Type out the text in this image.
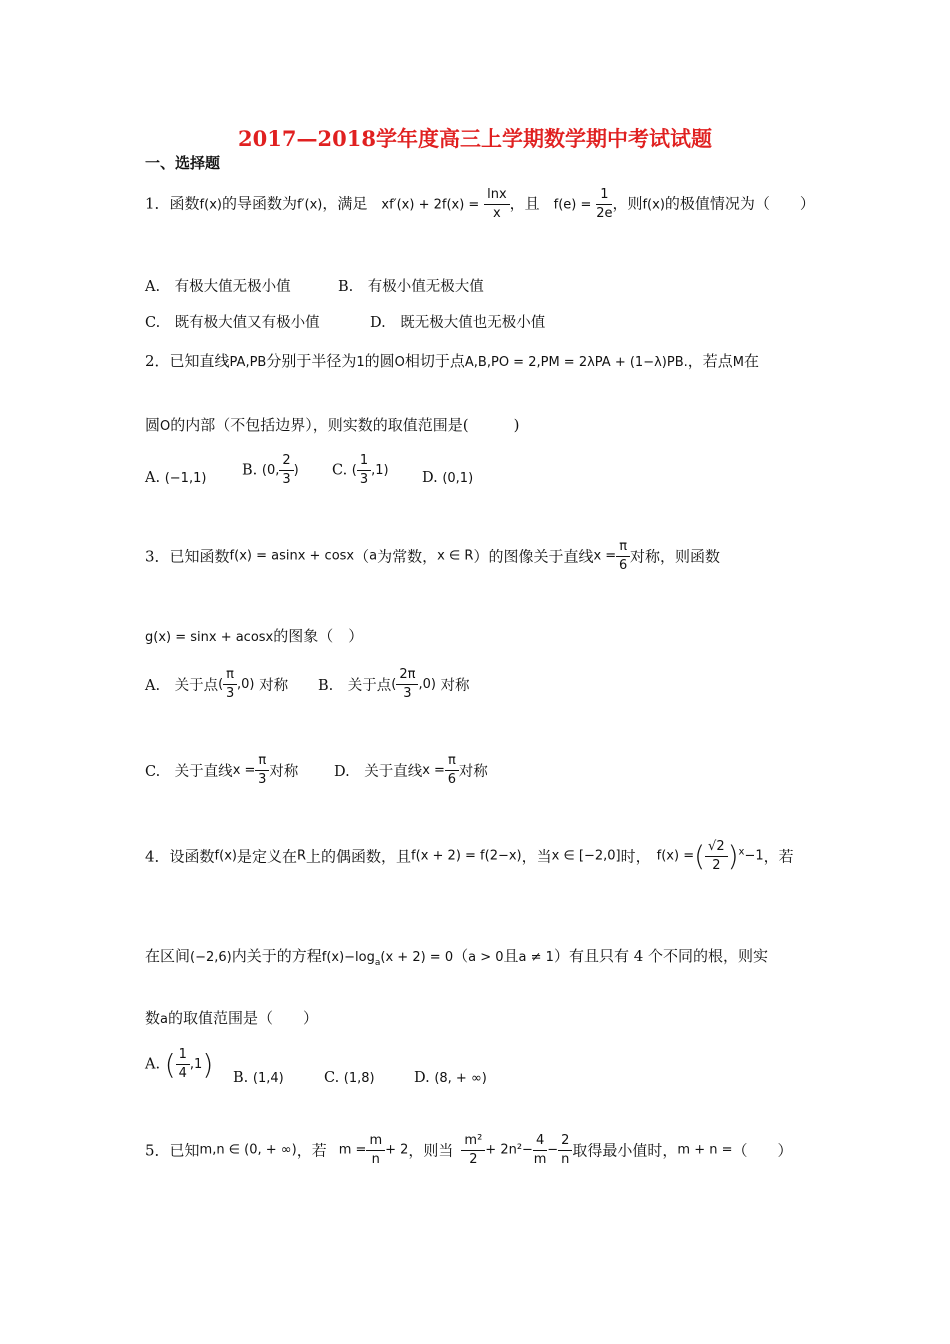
2017—2018学年度高三上学期数学期中考试试题
一、选择题
1．函数f(x)的导函数为f′(x)，满足 $xf'(x) + 2f(x) = \frac{\ln x}{x}$ ，且 $f(e) = \frac{1}{2e}$ ，则f(x)的极值情况为（　　）
A.　有极大值无极小值	B.　有极小值无极大值
C.　既有极大值又有极小值	D.　既无极大值也无极小值
2．已知直线PA,PB分别于半径为1的圆O相切于点A,B,PO = 2,PM = 2λPA + (1−λ)PB.，若点M在
圆O的内部（不包括边界），则实数的取值范围是(　　　)
A. (−1,1) B. (0, $\frac{2}{3}$ ) C. ( $\frac{1}{3} ,1$) D. (0,1)
3．已知函数f(x) = asinx + cosx（a为常数，x ∈ R）的图像关于直线$x = \frac{\pi}{6}$ 对称，则函数
g(x) = sinx + acosx的图象（　）
A.　关于点( $\frac{\pi}{3} ,0$) 对称 B.　关于点( $\frac{2\pi}{3} ,0$) 对称
C.　关于直线$x = \frac{\pi}{3}$ 对称 D.　关于直线$x = \frac{\pi}{6}$ 对称
4．设函数f(x)是定义在R上的偶函数，且f(x + 2) = f(2−x)，当x ∈ [−2,0]时， f(x) =( $\frac{√2}{2} )^x-1$，若
在区间(−2,6)内关于的方程$f(x)-\log_a(x + 2) = 0(a > 0$且a ≠ 1）有且只有 4 个不同的根，则实
数a的取值范围是（　　）
A. ( $\frac{1}{4} ,1$) B. (1,4)	C. (1,8)	D. (8, + ∞)
5．已知m,n ∈ (0, + ∞)，若 $m = \frac{m}{n} + 2$，则当 $\frac{\text{m²}}{2} + 2n^2- \frac{4}{m} - \frac{2}{n}$ 取得最小值时，m + n =（　　）
